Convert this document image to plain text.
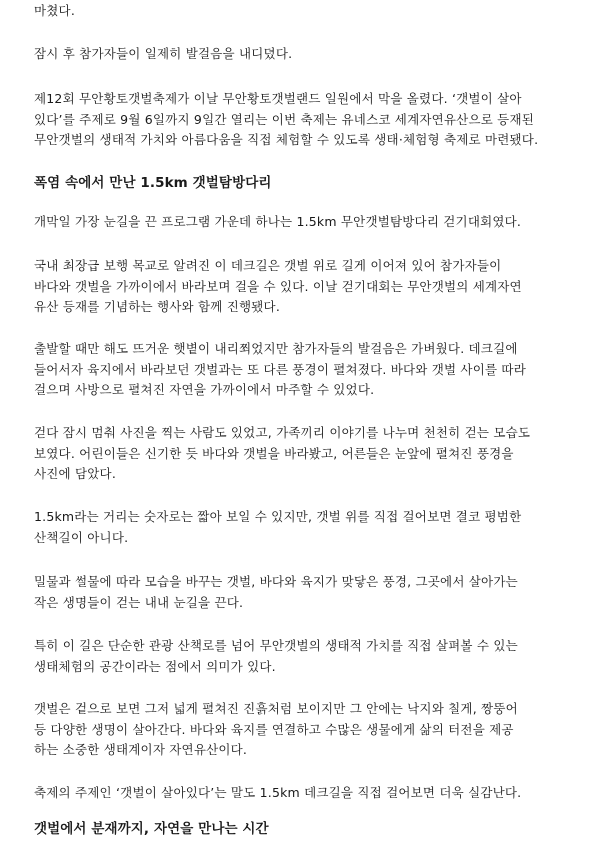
마쳤다.

잠시 후 참가자들이 일제히 발걸음을 내디뎠다.

제12회 무안황토갯벌축제가 이날 무안황토갯벌랜드 일원에서 막을 올렸다. ‘갯벌이 살아
있다’를 주제로 9월 6일까지 9일간 열리는 이번 축제는 유네스코 세계자연유산으로 등재된
무안갯벌의 생태적 가치와 아름다움을 직접 체험할 수 있도록 생태·체험형 축제로 마련됐다.

폭염 속에서 만난 1.5km 갯벌탐방다리

개막일 가장 눈길을 끈 프로그램 가운데 하나는 1.5km 무안갯벌탐방다리 걷기대회였다.

국내 최장급 보행 목교로 알려진 이 데크길은 갯벌 위로 길게 이어져 있어 참가자들이
바다와 갯벌을 가까이에서 바라보며 걸을 수 있다. 이날 걷기대회는 무안갯벌의 세계자연
유산 등재를 기념하는 행사와 함께 진행됐다.

출발할 때만 해도 뜨거운 햇볕이 내리쬐었지만 참가자들의 발걸음은 가벼웠다. 데크길에
들어서자 육지에서 바라보던 갯벌과는 또 다른 풍경이 펼쳐졌다. 바다와 갯벌 사이를 따라
걸으며 사방으로 펼쳐진 자연을 가까이에서 마주할 수 있었다.

걷다 잠시 멈춰 사진을 찍는 사람도 있었고, 가족끼리 이야기를 나누며 천천히 걷는 모습도
보였다. 어린이들은 신기한 듯 바다와 갯벌을 바라봤고, 어른들은 눈앞에 펼쳐진 풍경을
사진에 담았다.

1.5km라는 거리는 숫자로는 짧아 보일 수 있지만, 갯벌 위를 직접 걸어보면 결코 평범한
산책길이 아니다.

밀물과 썰물에 따라 모습을 바꾸는 갯벌, 바다와 육지가 맞닿은 풍경, 그곳에서 살아가는
작은 생명들이 걷는 내내 눈길을 끈다.

특히 이 길은 단순한 관광 산책로를 넘어 무안갯벌의 생태적 가치를 직접 살펴볼 수 있는
생태체험의 공간이라는 점에서 의미가 있다.

갯벌은 겉으로 보면 그저 넓게 펼쳐진 진흙처럼 보이지만 그 안에는 낙지와 칠게, 짱뚱어
등 다양한 생명이 살아간다. 바다와 육지를 연결하고 수많은 생물에게 삶의 터전을 제공
하는 소중한 생태계이자 자연유산이다.

축제의 주제인 ‘갯벌이 살아있다’는 말도 1.5km 데크길을 직접 걸어보면 더욱 실감난다.

갯벌에서 분재까지, 자연을 만나는 시간
